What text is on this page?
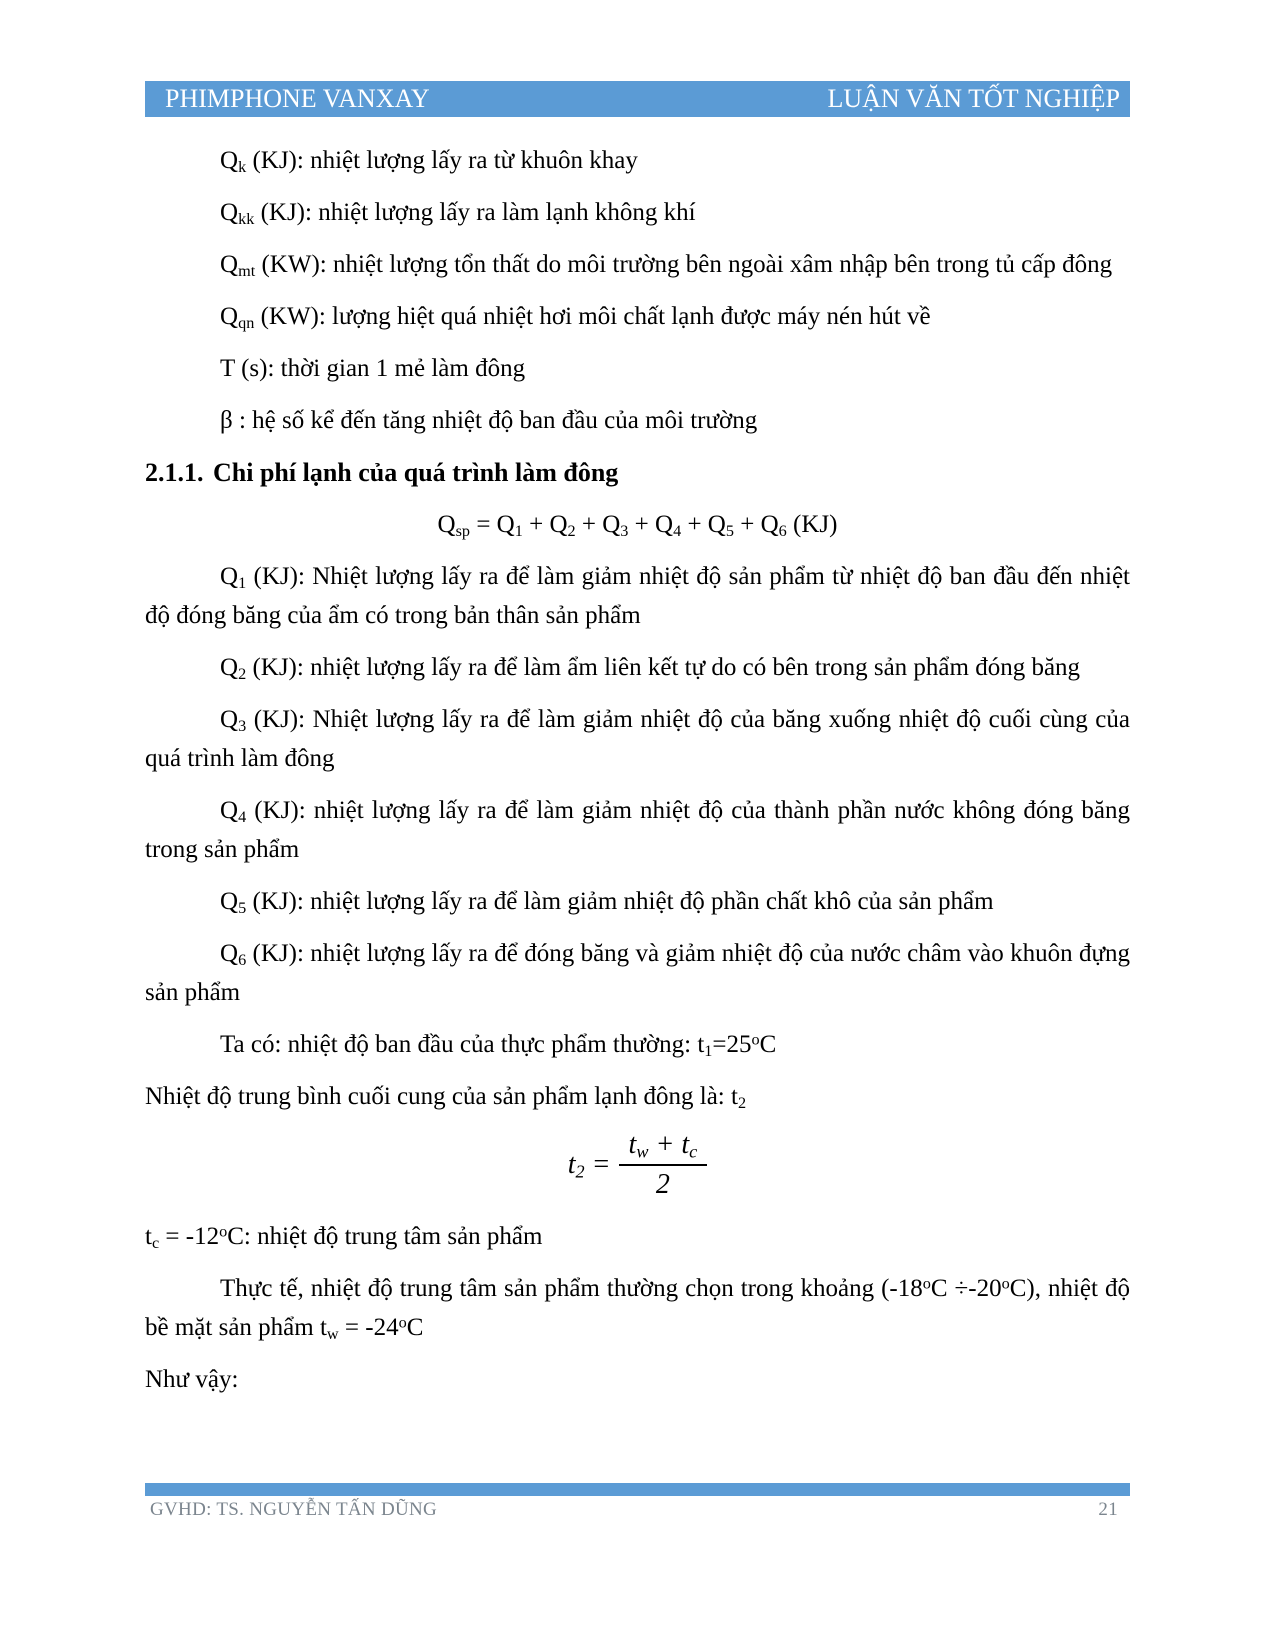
PHIMPHONE VANXAY	LUẬN VĂN TỐT NGHIỆP

$Q_k$ (KJ): nhiệt lượng lấy ra từ khuôn khay

$Q_{kk}$ (KJ): nhiệt lượng lấy ra làm lạnh không khí

$Q_{mt}$ (KW): nhiệt lượng tổn thất do môi trường bên ngoài xâm nhập bên trong tủ cấp đông

$Q_{qn}$ (KW): lượng hiệt quá nhiệt hơi môi chất lạnh được máy nén hút về

T (s): thời gian 1 mẻ làm đông

β : hệ số kể đến tăng nhiệt độ ban đầu của môi trường

2.1.1. Chi phí lạnh của quá trình làm đông

$Q_{sp} = Q_1 + Q_2 + Q_3 + Q_4 + Q_5 + Q_6$ (KJ)

$Q_1$ (KJ): Nhiệt lượng lấy ra để làm giảm nhiệt độ sản phẩm từ nhiệt độ ban đầu đến nhiệt độ đóng băng của ẩm có trong bản thân sản phẩm

$Q_2$ (KJ): nhiệt lượng lấy ra để làm ẩm liên kết tự do có bên trong sản phẩm đóng băng

$Q_3$ (KJ): Nhiệt lượng lấy ra để làm giảm nhiệt độ của băng xuống nhiệt độ cuối cùng của quá trình làm đông

$Q_4$ (KJ): nhiệt lượng lấy ra để làm giảm nhiệt độ của thành phần nước không đóng băng trong sản phẩm

$Q_5$ (KJ): nhiệt lượng lấy ra để làm giảm nhiệt độ phần chất khô của sản phẩm

$Q_6$ (KJ): nhiệt lượng lấy ra để đóng băng và giảm nhiệt độ của nước châm vào khuôn đựng sản phẩm

Ta có: nhiệt độ ban đầu của thực phẩm thường: $t_1=25^oC$

Nhiệt độ trung bình cuối cung của sản phẩm lạnh đông là: $t_2$

$t_2 = \frac{t_w + t_c}{2}$

$t_c = -12^oC$: nhiệt độ trung tâm sản phẩm

Thực tế, nhiệt độ trung tâm sản phẩm thường chọn trong khoảng $(-18^oC \div-20^oC)$, nhiệt độ bề mặt sản phẩm $t_w = -24^oC$

Như vậy:

GVHD: TS. NGUYỄN TẤN DŨNG	21
